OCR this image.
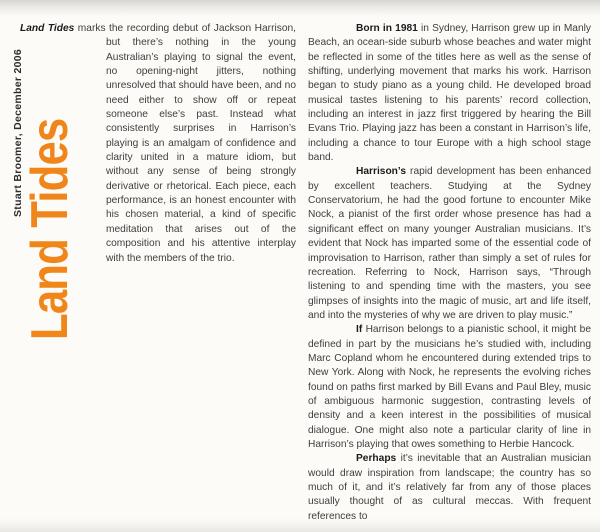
Stuart Broomer, December 2006
Land Tides

Land Tides marks the recording debut of Jackson Harrison, but there’s nothing in the young Australian’s playing to signal the event, no opening-night jitters, nothing unresolved that should have been, and no need either to show off or repeat someone else’s past. Instead what consistently surprises in Harrison’s playing is an amalgam of confidence and clarity united in a mature idiom, but without any sense of being strongly derivative or rhetorical. Each piece, each performance, is an honest encounter with his chosen material, a kind of specific meditation that arises out of the composition and his attentive interplay with the members of the trio.

Born in 1981 in Sydney, Harrison grew up in Manly Beach, an ocean-side suburb whose beaches and water might be reflected in some of the titles here as well as the sense of shifting, underlying movement that marks his work. Harrison began to study piano as a young child. He developed broad musical tastes listening to his parents’ record collection, including an interest in jazz first triggered by hearing the Bill Evans Trio. Playing jazz has been a constant in Harrison’s life, including a chance to tour Europe with a high school stage band.

Harrison’s rapid development has been enhanced by excellent teachers. Studying at the Sydney Conservatorium, he had the good fortune to encounter Mike Nock, a pianist of the first order whose presence has had a significant effect on many younger Australian musicians. It’s evident that Nock has imparted some of the essential code of improvisation to Harrison, rather than simply a set of rules for recreation. Referring to Nock, Harrison says, “Through listening to and spending time with the masters, you see glimpses of insights into the magic of music, art and life itself, and into the mysteries of why we are driven to play music.”

If Harrison belongs to a pianistic school, it might be defined in part by the musicians he’s studied with, including Marc Copland whom he encountered during extended trips to New York. Along with Nock, he represents the evolving riches found on paths first marked by Bill Evans and Paul Bley, music of ambiguous harmonic suggestion, contrasting levels of density and a keen interest in the possibilities of musical dialogue. One might also note a particular clarity of line in Harrison’s playing that owes something to Herbie Hancock.

Perhaps it’s inevitable that an Australian musician would draw inspiration from landscape; the country has so much of it, and it’s relatively far from any of those places usually thought of as cultural meccas. With frequent references to
